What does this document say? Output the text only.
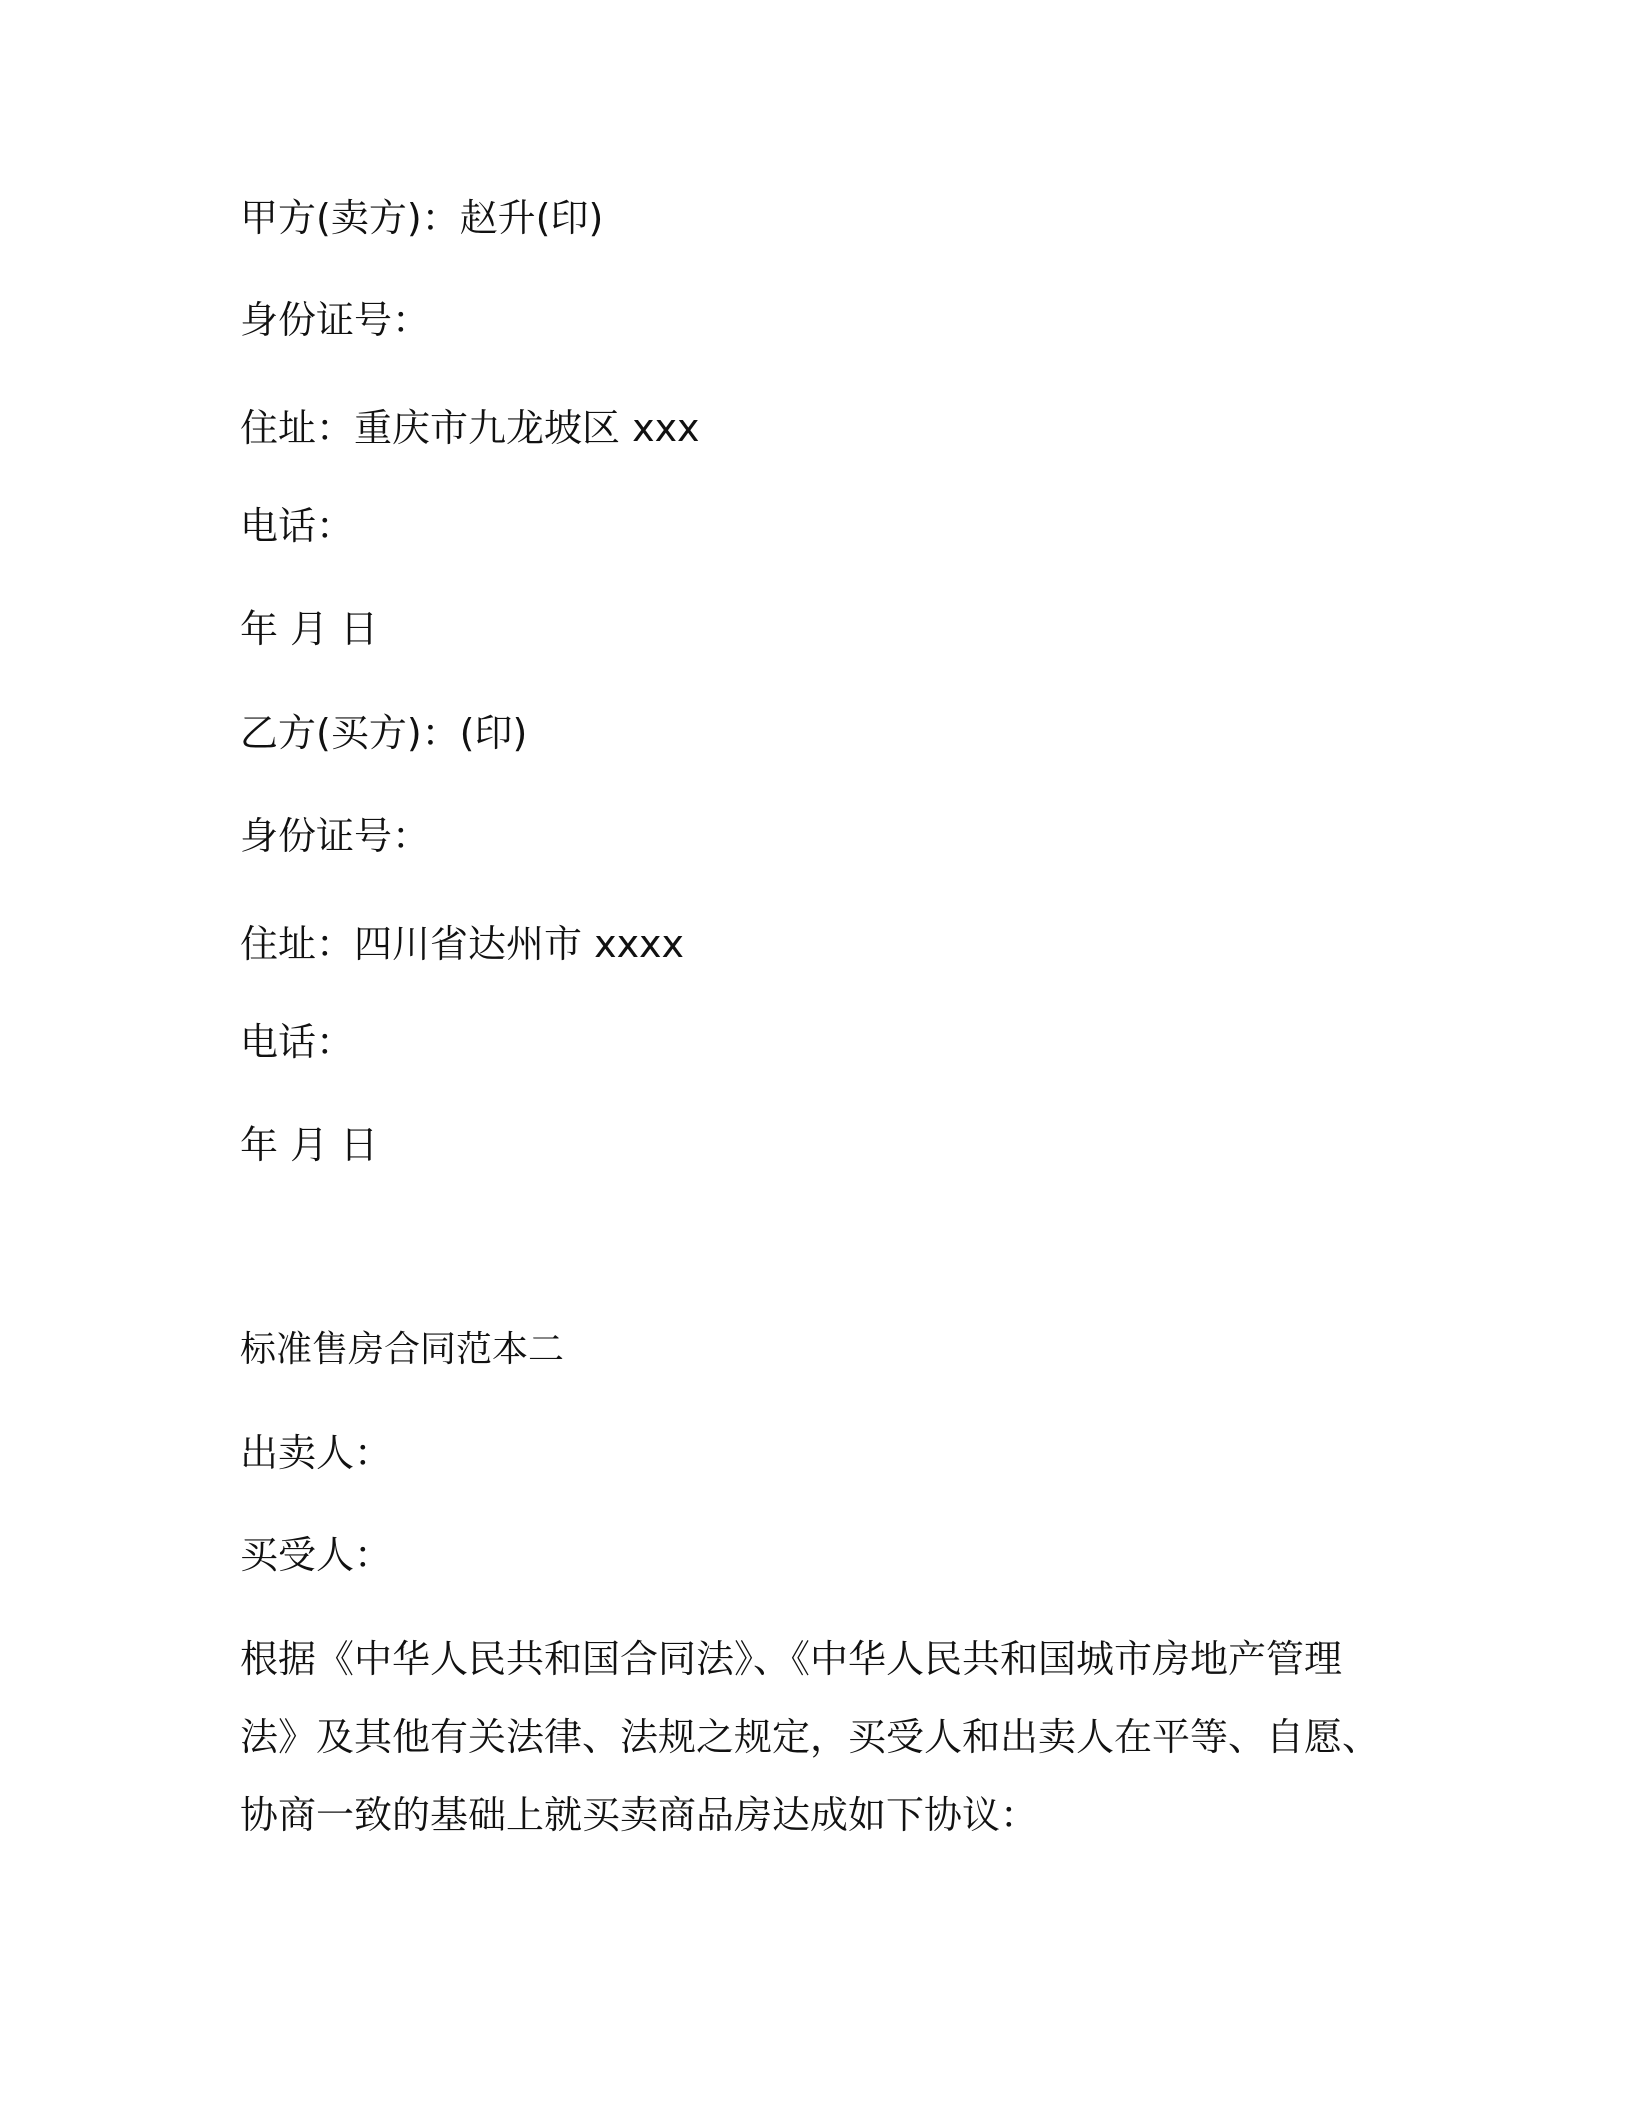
甲方(卖方)：赵升(印)

身份证号：

住址：重庆市九龙坡区 xxx

电话：

年 月 日

乙方(买方)：(印)

身份证号：

住址：四川省达州市 xxxx

电话：

年 月 日

标准售房合同范本二

出卖人：

买受人：

根据《中华人民共和国合同法》、《中华人民共和国城市房地产管理
法》及其他有关法律、法规之规定，买受人和出卖人在平等、自愿、
协商一致的基础上就买卖商品房达成如下协议：
